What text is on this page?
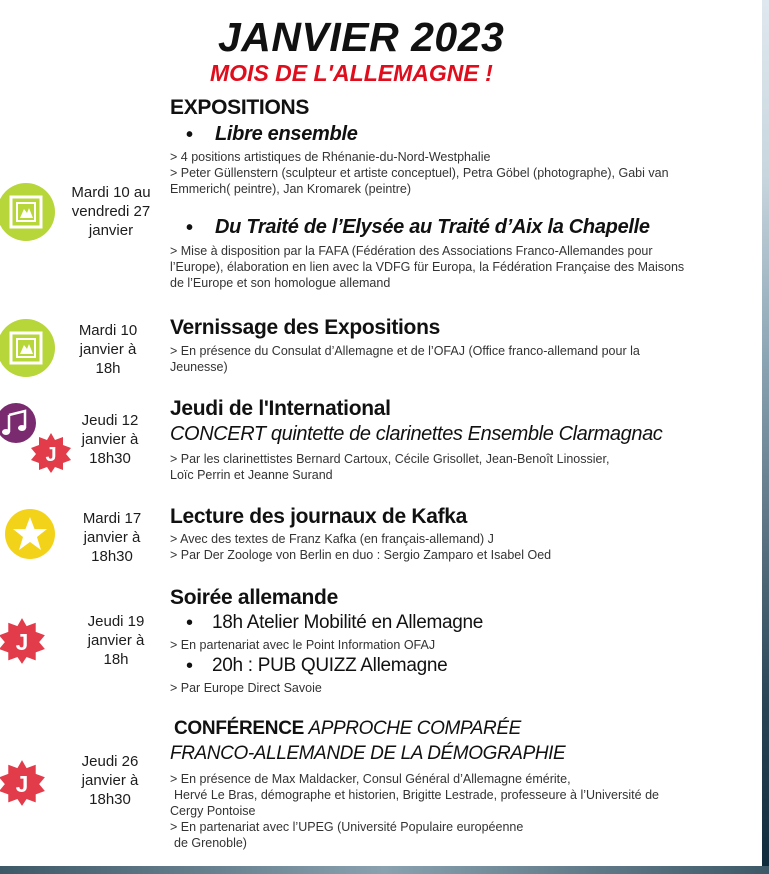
JANVIER 2023
MOIS DE L'ALLEMAGNE !
EXPOSITIONS
• Libre ensemble
> 4 positions artistiques de Rhénanie-du-Nord-Westphalie
> Peter Güllenstern (sculpteur et artiste conceptuel), Petra Göbel (photographe), Gabi van
Emmerich( peintre), Jan Kromarek (peintre)
• Du Traité de l’Elysée au Traité d’Aix la Chapelle
> Mise à disposition par la FAFA (Fédération des Associations Franco-Allemandes pour
l’Europe), élaboration en lien avec la VDFG für Europa, la Fédération Française des Maisons
de l’Europe et son homologue allemand
Mardi 10 au
vendredi 27
janvier
Vernissage des Expositions
> En présence du Consulat d’Allemagne et de l’OFAJ (Office franco-allemand pour la
Jeunesse)
Mardi 10
janvier à
18h
Jeudi de l'International
CONCERT quintette de clarinettes Ensemble Clarmagnac
> Par les clarinettistes Bernard Cartoux, Cécile Grisollet, Jean-Benoît Linossier,
Loïc Perrin et Jeanne Surand
Jeudi 12
janvier à
18h30
J
Lecture des journaux de Kafka
> Avec des textes de Franz Kafka (en français-allemand) J
> Par Der Zoologe von Berlin en duo : Sergio Zamparo et Isabel Oed
Mardi 17
janvier à
18h30
Soirée allemande
• 18h Atelier Mobilité en Allemagne
> En partenariat avec le Point Information OFAJ
• 20h : PUB QUIZZ Allemagne
> Par Europe Direct Savoie
Jeudi 19
janvier à
18h
J
CONFÉRENCE APPROCHE COMPARÉE
FRANCO-ALLEMANDE DE LA DÉMOGRAPHIE
> En présence de Max Maldacker, Consul Général d’Allemagne émérite,
Hervé Le Bras, démographe et historien, Brigitte Lestrade, professeure à l’Université de
Cergy Pontoise
> En partenariat avec l’UPEG (Université Populaire européenne
de Grenoble)
Jeudi 26
janvier à
18h30
J
